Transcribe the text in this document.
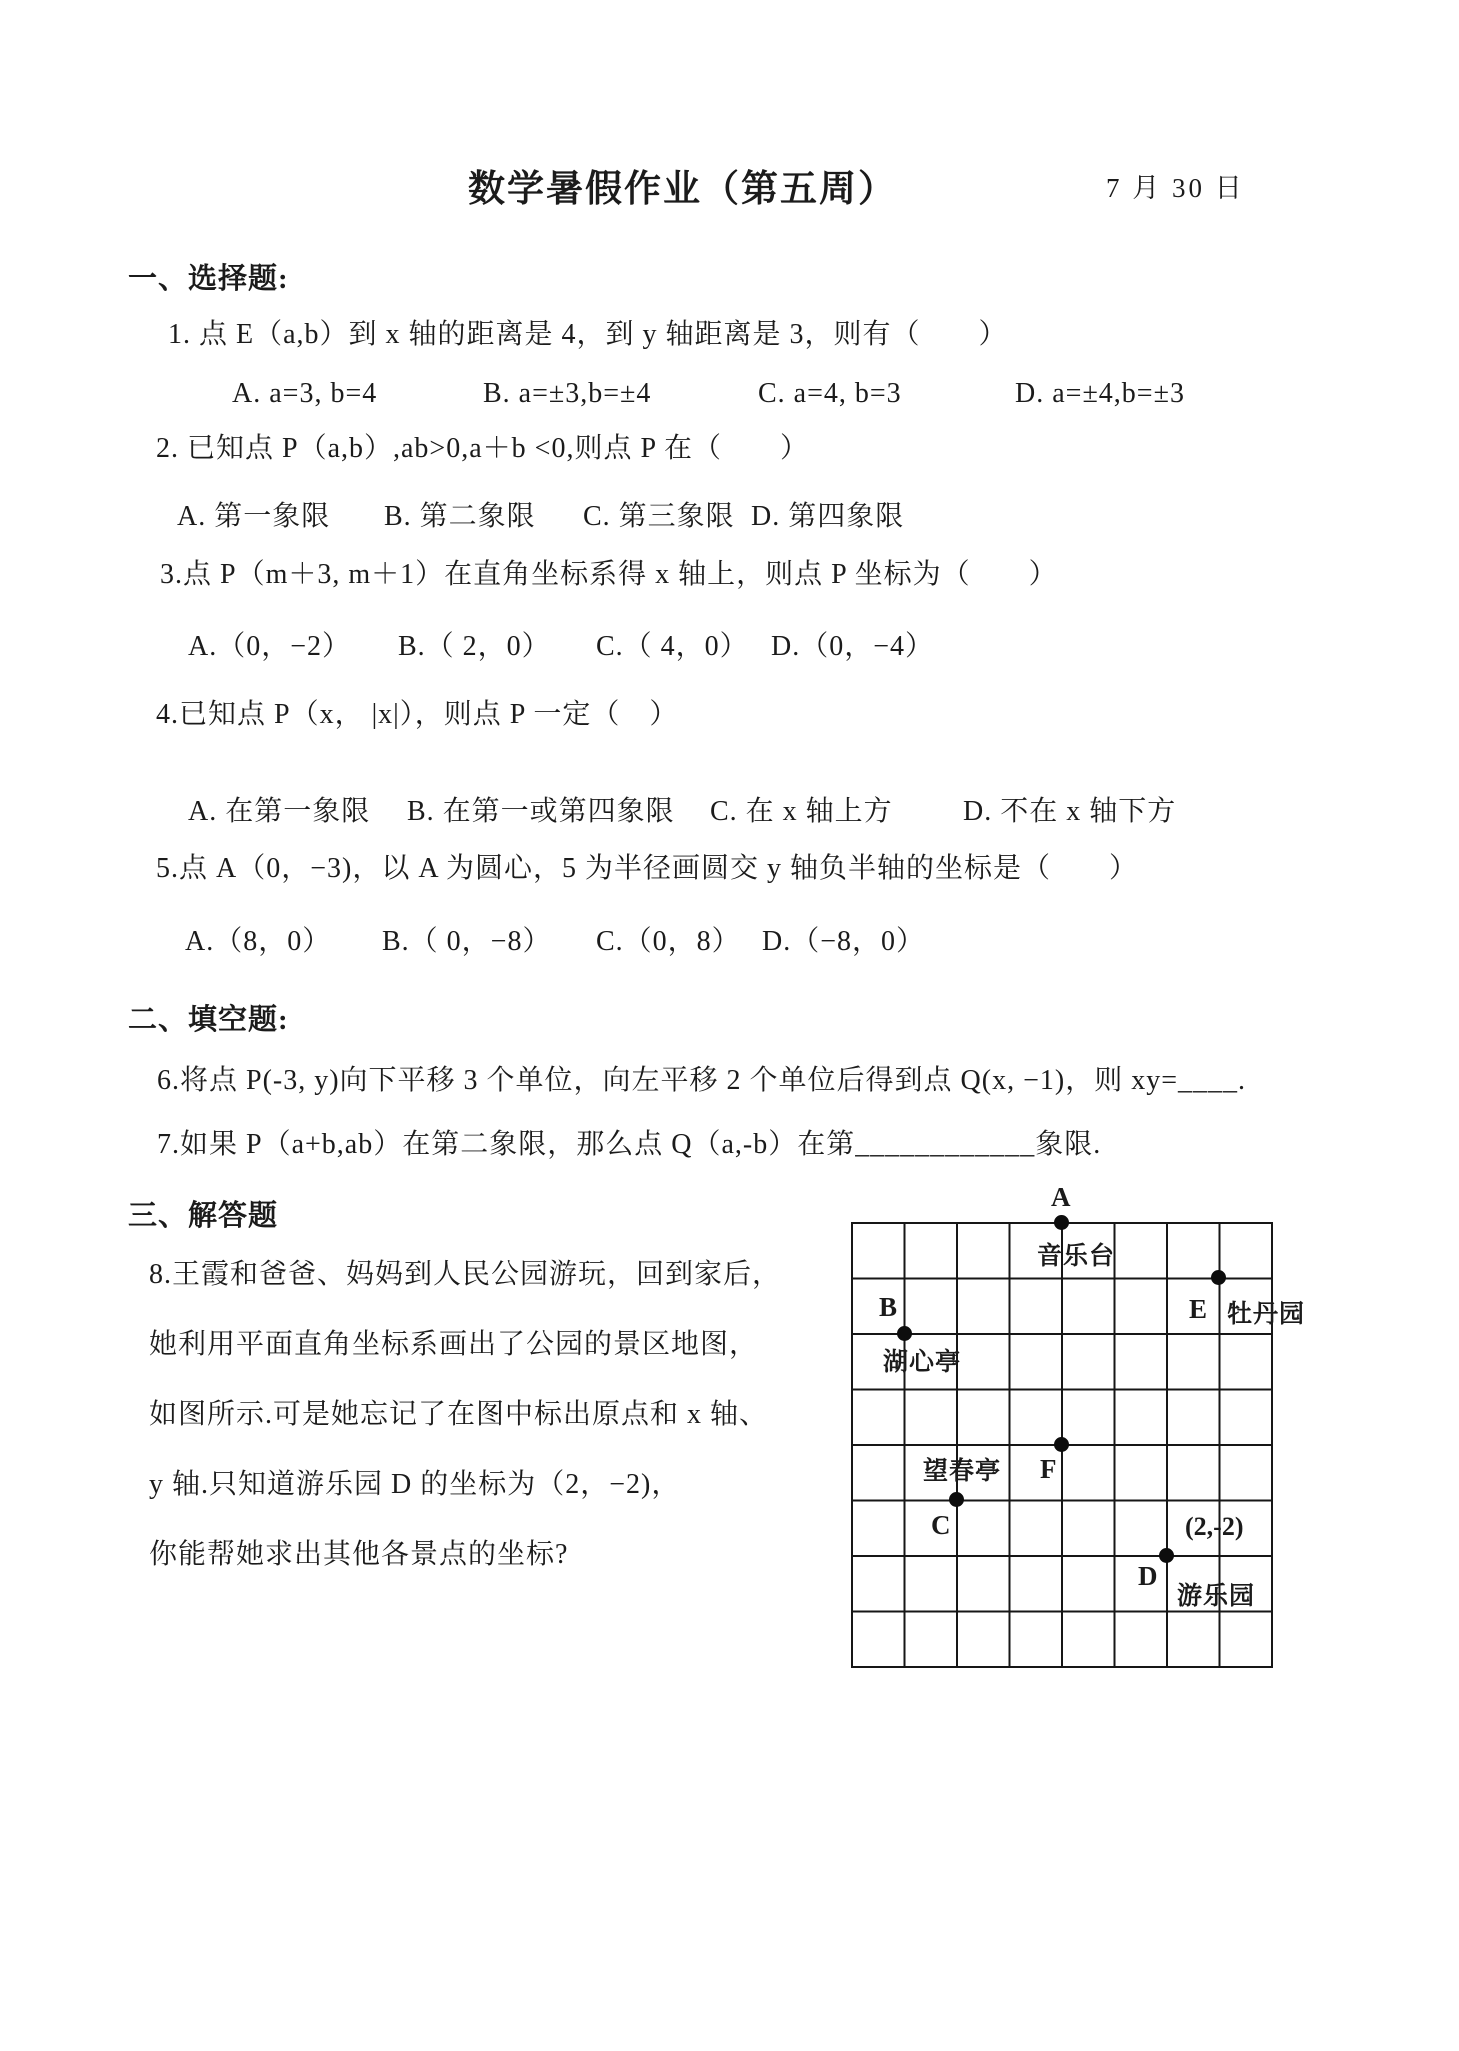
数学暑假作业（第五周）	7 月 30 日
一、选择题:
1. 点 E（a,b）到 x 轴的距离是 4，到 y 轴距离是 3，则有（　　）
A. a=3, b=4	B. a=±3,b=±4	C. a=4, b=3	D. a=±4,b=±3
2. 已知点 P（a,b）,ab>0,a＋b <0,则点 P 在（　　）
A. 第一象限 B. 第二象限 C. 第三象限 D. 第四象限
3.点 P（m＋3, m＋1）在直角坐标系得 x 轴上，则点 P 坐标为（　　）
A.（0，−2） B.（ 2，0） C.（ 4，0） D.（0，−4）
4.已知点 P（x， |x|），则点 P 一定（　）
A. 在第一象限 B. 在第一或第四象限 C. 在 x 轴上方	D. 不在 x 轴下方
5.点 A（0，−3)，以 A 为圆心，5 为半径画圆交 y 轴负半轴的坐标是（　　）
A.（8，0） B.（ 0，−8） C.（0，8） D.（−8，0）
二、填空题:
6.将点 P(-3, y)向下平移 3 个单位，向左平移 2 个单位后得到点 Q(x, −1)，则 xy=____.
7.如果 P（a+b,ab）在第二象限，那么点 Q（a,-b）在第____________象限.
三、解答题
8.王霞和爸爸、妈妈到人民公园游玩，回到家后，
她利用平面直角坐标系画出了公园的景区地图，
如图所示.可是她忘记了在图中标出原点和 x 轴、
y 轴.只知道游乐园 D 的坐标为（2，−2)，
你能帮她求出其他各景点的坐标?
A
音乐台
E 牡丹园
B
湖心亭
F
望春亭
C	(2,-2)
D
游乐园
